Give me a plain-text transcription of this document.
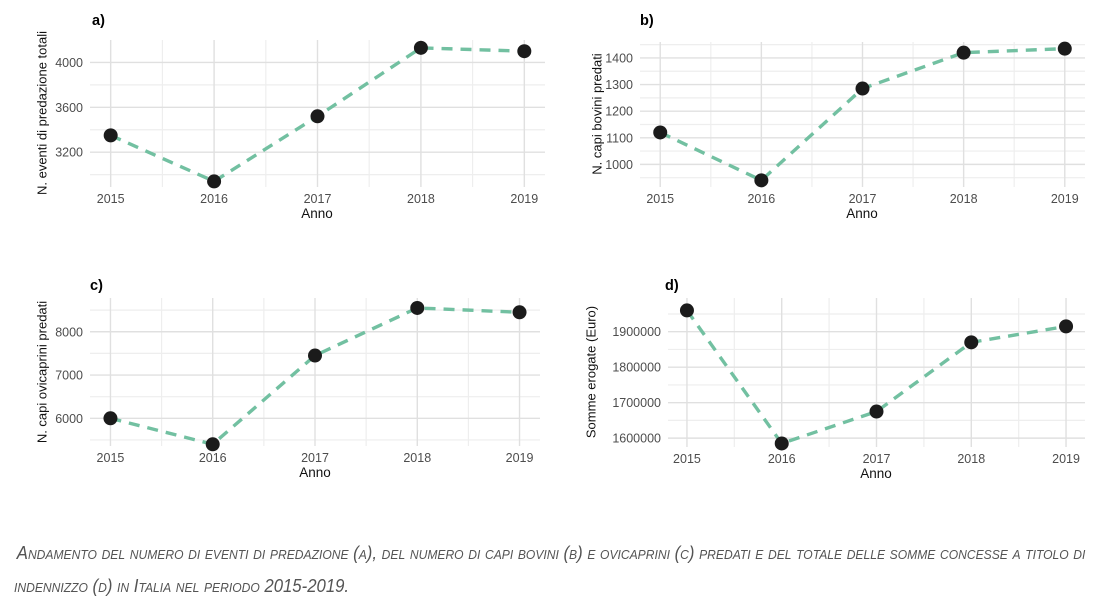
3200
3600
4000
2015	2016	2017	2018	2019
a)
N. eventi di predazione totali
Anno
1000
1100
1200
1300
1400
2015	2016	2017	2018	2019
b)
N. capi bovini predati
Anno
6000
7000
8000
2015	2016	2017	2018	2019
c)
N. capi ovicaprini predati
Anno
1600000
1700000
1800000
1900000
2015	2016	2017	2018	2019
d)
Somme erogate (Euro)
Anno
Andamento del numero di eventi di predazione (a), del numero di capi bovini (b) e ovicaprini (c) predati e del totale delle somme concesse a titolo di indennizzo (d) in Italia nel periodo 2015-2019.
